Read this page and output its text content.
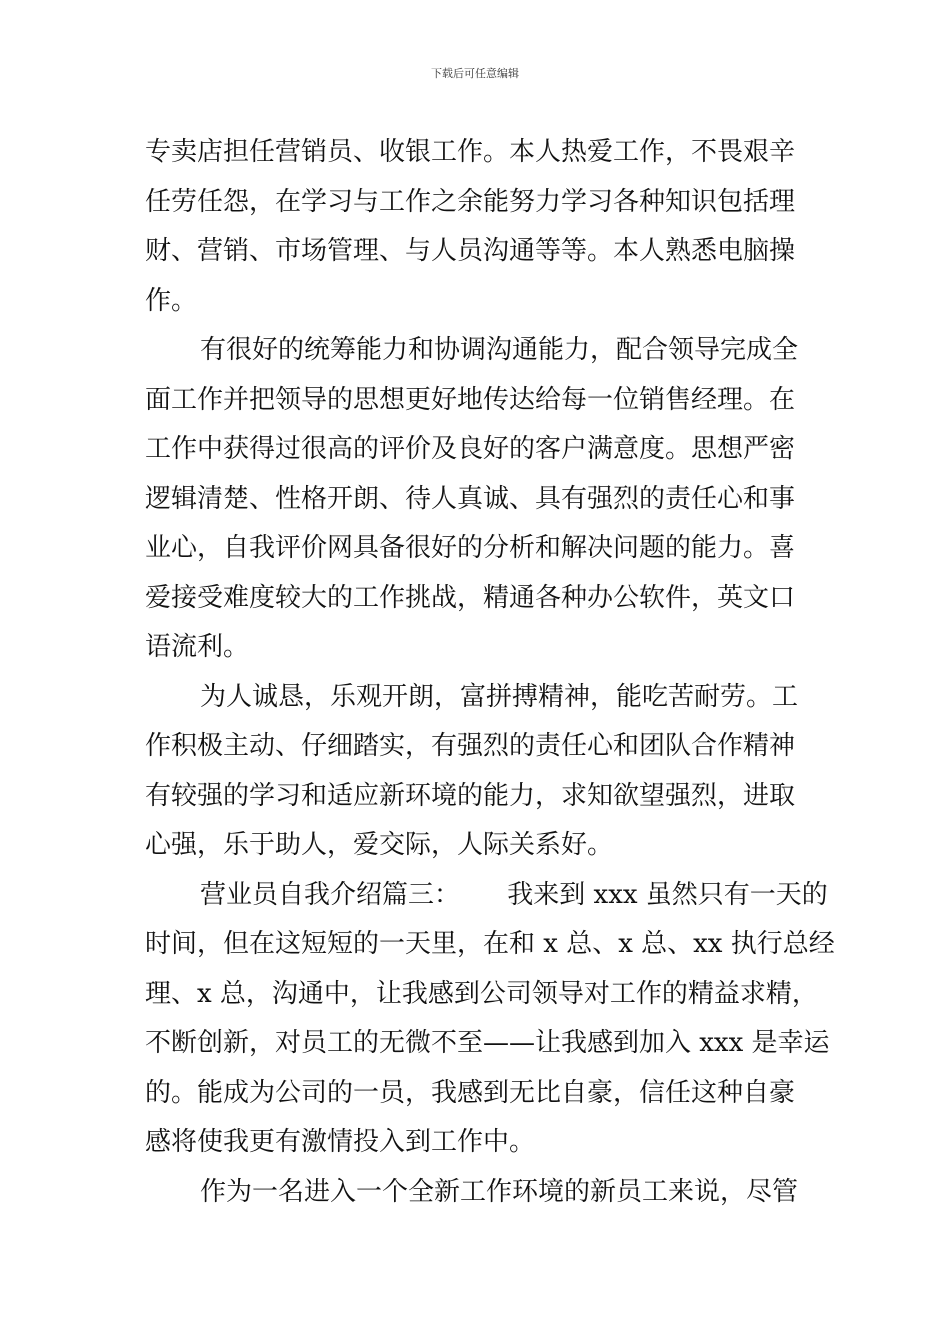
下载后可任意编辑
专卖店担任营销员、收银工作。本人热爱工作，不畏艰辛
任劳任怨，在学习与工作之余能努力学习各种知识包括理
财、营销、市场管理、与人员沟通等等。本人熟悉电脑操
作。
有很好的统筹能力和协调沟通能力，配合领导完成全
面工作并把领导的思想更好地传达给每一位销售经理。在
工作中获得过很高的评价及良好的客户满意度。思想严密
逻辑清楚、性格开朗、待人真诚、具有强烈的责任心和事
业心，自我评价网具备很好的分析和解决问题的能力。喜
爱接受难度较大的工作挑战，精通各种办公软件，英文口
语流利。
为人诚恳，乐观开朗，富拼搏精神，能吃苦耐劳。工
作积极主动、仔细踏实，有强烈的责任心和团队合作精神
有较强的学习和适应新环境的能力，求知欲望强烈，进取
心强，乐于助人，爱交际，人际关系好。
营业员自我介绍篇三：　　 我来到 xxx 虽然只有一天的
时间，但在这短短的一天里，在和 x 总、x 总、xx 执行总经
理、x 总，沟通中，让我感到公司领导对工作的精益求精，
不断创新，对员工的无微不至——让我感到加入 xxx 是幸运
的。能成为公司的一员，我感到无比自豪，信任这种自豪
感将使我更有激情投入到工作中。
作为一名进入一个全新工作环境的新员工来说，尽管
